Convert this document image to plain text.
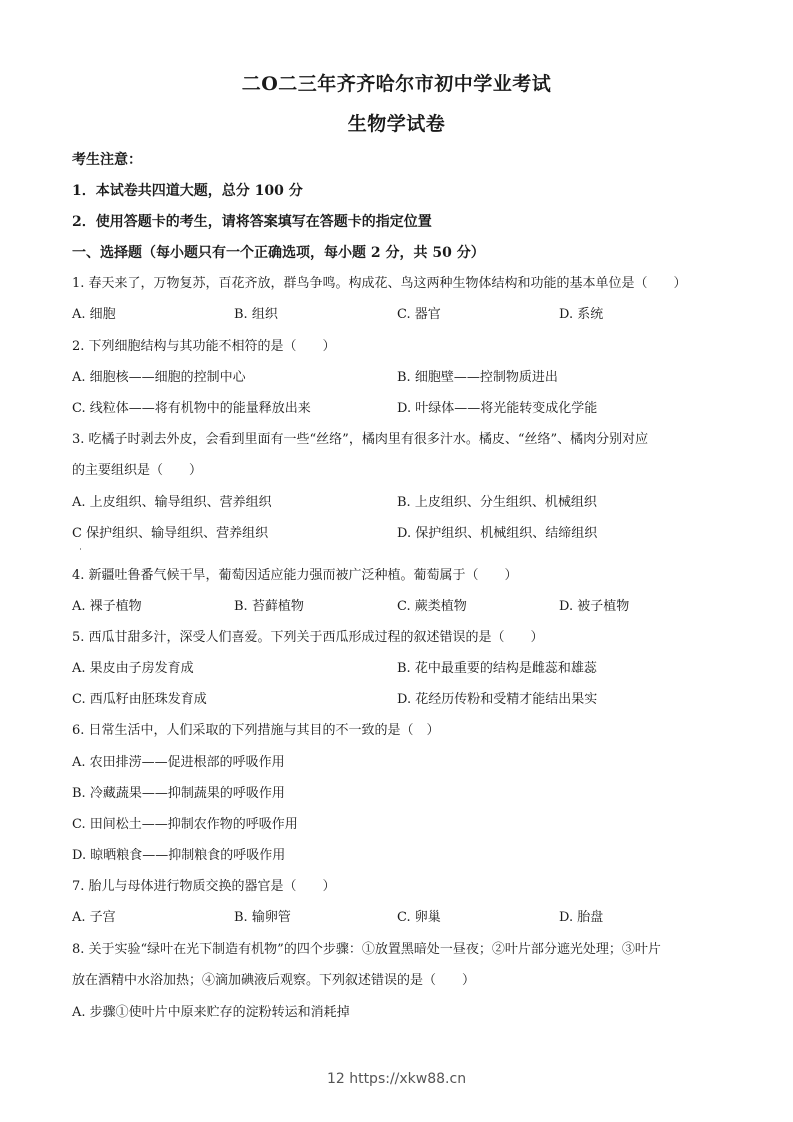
二O二三年齐齐哈尔市初中学业考试
生物学试卷
考生注意：
1．本试卷共四道大题，总分 100 分
2．使用答题卡的考生，请将答案填写在答题卡的指定位置
一、选择题（每小题只有一个正确选项，每小题 2 分，共 50 分）
1. 春天来了，万物复苏，百花齐放，群鸟争鸣。构成花、鸟这两种生物体结构和功能的基本单位是（　　）
A. 细胞	B. 组织	C. 器官	D. 系统
2. 下列细胞结构与其功能不相符的是（　　）
A. 细胞核——细胞的控制中心	B. 细胞壁——控制物质进出
C. 线粒体——将有机物中的能量释放出来	D. 叶绿体——将光能转变成化学能
3. 吃橘子时剥去外皮，会看到里面有一些“丝络”，橘肉里有很多汁水。橘皮、“丝络”、橘肉分别对应
的主要组织是（　　）
A. 上皮组织、输导组织、营养组织	B. 上皮组织、分生组织、机械组织
C 保护组织、输导组织、营养组织	D. 保护组织、机械组织、结缔组织
4. 新疆吐鲁番气候干旱，葡萄因适应能力强而被广泛种植。葡萄属于（　　）
A. 裸子植物	B. 苔藓植物	C. 蕨类植物	D. 被子植物
5. 西瓜甘甜多汁，深受人们喜爱。下列关于西瓜形成过程的叙述错误的是（　　）
A. 果皮由子房发育成	B. 花中最重要的结构是雌蕊和雄蕊
C. 西瓜籽由胚珠发育成	D. 花经历传粉和受精才能结出果实
6. 日常生活中，人们采取的下列措施与其目的不一致的是（　）
A. 农田排涝——促进根部的呼吸作用
B. 冷藏蔬果——抑制蔬果的呼吸作用
C. 田间松土——抑制农作物的呼吸作用
D. 晾晒粮食——抑制粮食的呼吸作用
7. 胎儿与母体进行物质交换的器官是（　　）
A. 子宫	B. 输卵管	C. 卵巢	D. 胎盘
8. 关于实验“绿叶在光下制造有机物”的四个步骤：①放置黑暗处一昼夜；②叶片部分遮光处理；③叶片
放在酒精中水浴加热；④滴加碘液后观察。下列叙述错误的是（　　）
A. 步骤①使叶片中原来贮存的淀粉转运和消耗掉
12 https://xkw88.cn
